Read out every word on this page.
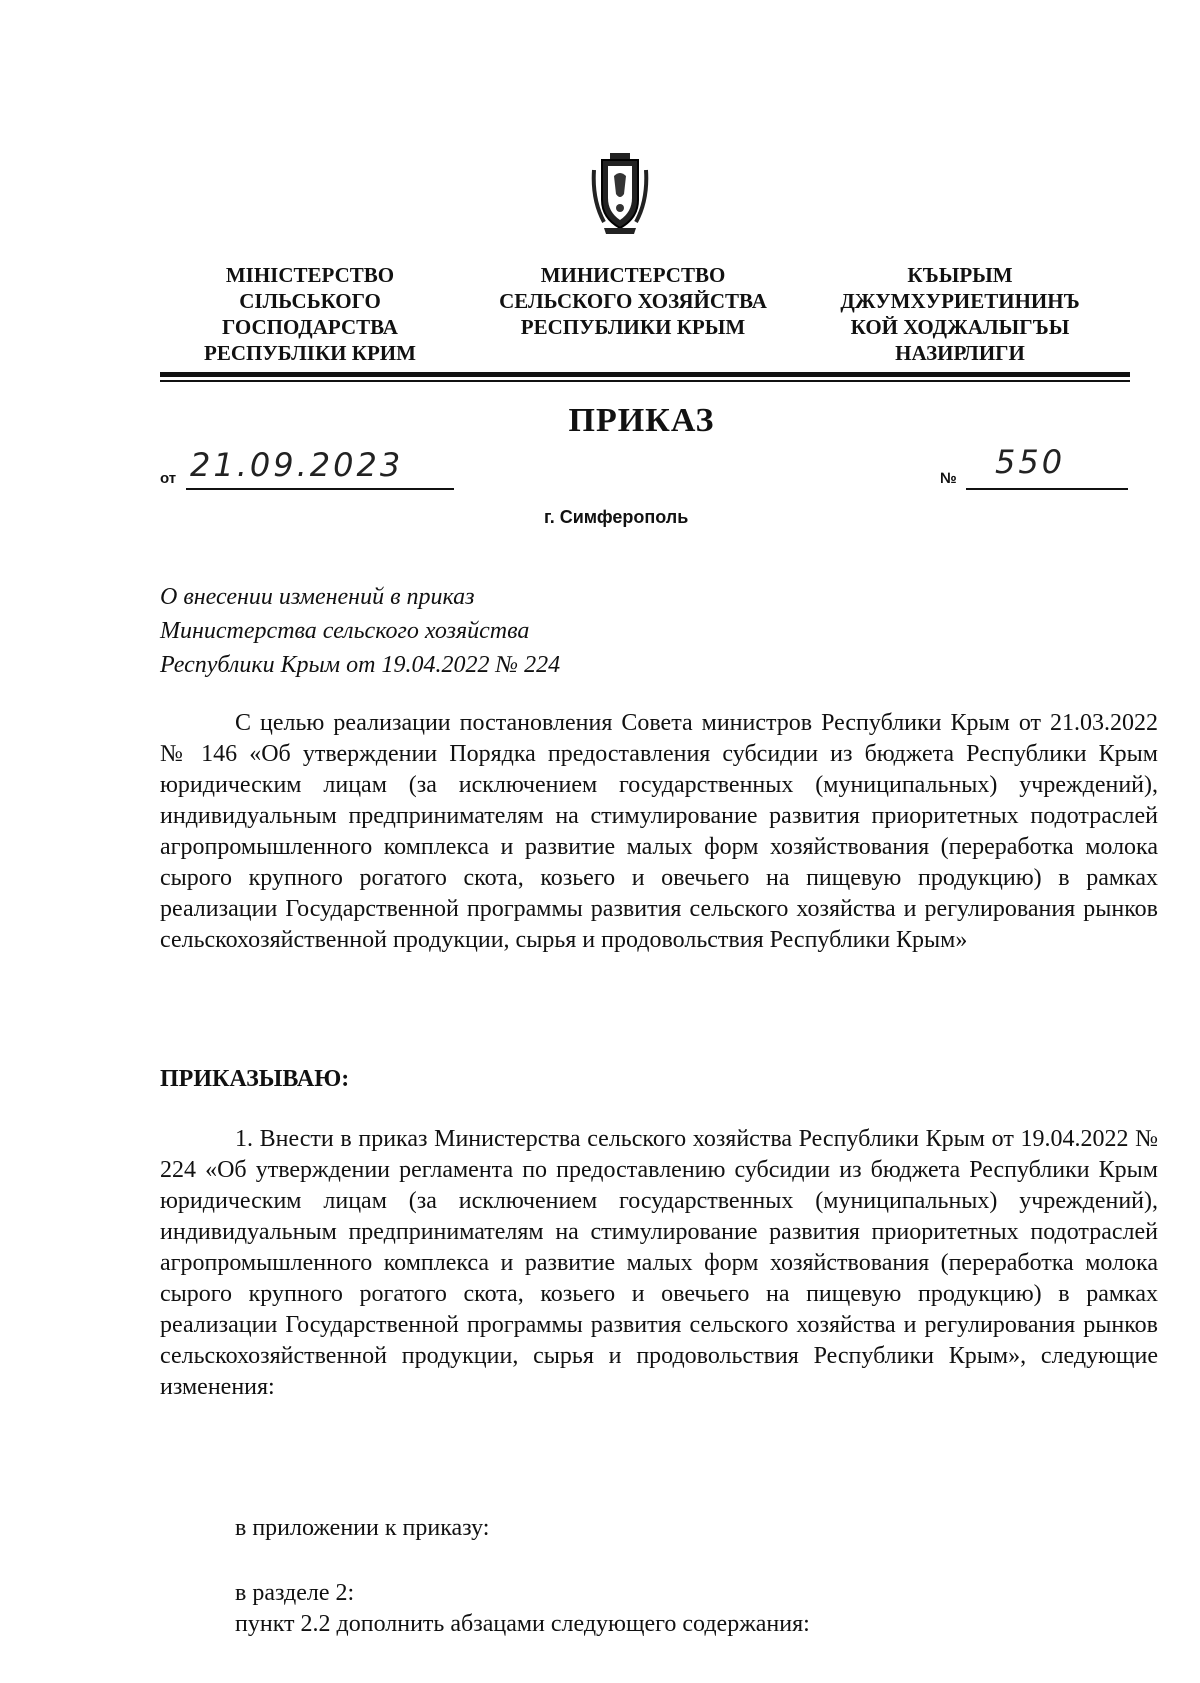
МІНІСТЕРСТВО
СІЛЬСЬКОГО
ГОСПОДАРСТВА
РЕСПУБЛІКИ КРИМ
МИНИСТЕРСТВО
СЕЛЬСКОГО ХОЗЯЙСТВА
РЕСПУБЛИКИ КРЫМ
КЪЫРЫМ
ДЖУМХУРИЕТИНИНЪ
КОЙ ХОДЖАЛЫГЪЫ
НАЗИРЛИГИ
ПРИКАЗ
от 21.09.2023	№ 550
г. Симферополь
О внесении изменений в приказ
Министерства сельского хозяйства
Республики Крым от 19.04.2022 № 224
С целью реализации постановления Совета министров Республики Крым от 21.03.2022 № 146 «Об утверждении Порядка предоставления субсидии из бюджета Республики Крым юридическим лицам (за исключением государственных (муниципальных) учреждений), индивидуальным предпринимателям на стимулирование развития приоритетных подотраслей агропромышленного комплекса и развитие малых форм хозяйствования (переработка молока сырого крупного рогатого скота, козьего и овечьего на пищевую продукцию) в рамках реализации Государственной программы развития сельского хозяйства и регулирования рынков сельскохозяйственной продукции, сырья и продовольствия Республики Крым»
ПРИКАЗЫВАЮ:
1. Внести в приказ Министерства сельского хозяйства Республики Крым от 19.04.2022 № 224 «Об утверждении регламента по предоставлению субсидии из бюджета Республики Крым юридическим лицам (за исключением государственных (муниципальных) учреждений), индивидуальным предпринимателям на стимулирование развития приоритетных подотраслей агропромышленного комплекса и развитие малых форм хозяйствования (переработка молока сырого крупного рогатого скота, козьего и овечьего на пищевую продукцию) в рамках реализации Государственной программы развития сельского хозяйства и регулирования рынков сельскохозяйственной продукции, сырья и продовольствия Республики Крым», следующие изменения:
в приложении к приказу:
в разделе 2:
пункт 2.2 дополнить абзацами следующего содержания:
